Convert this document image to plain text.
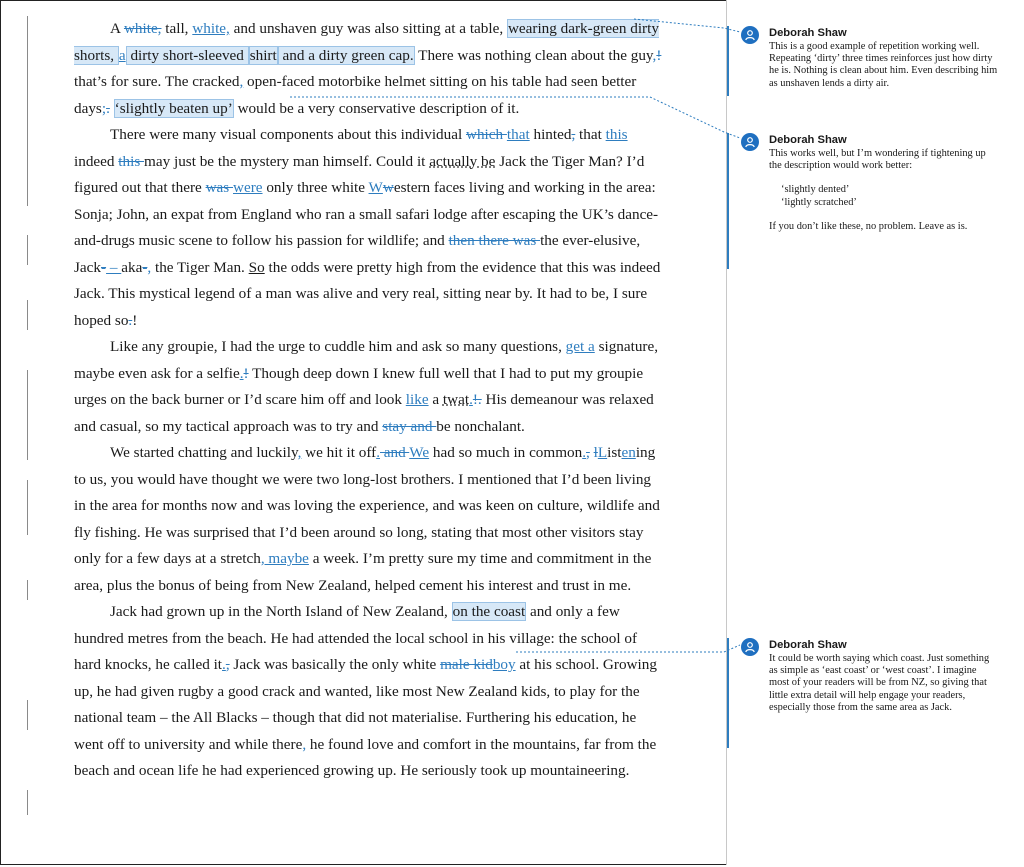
A white, tall, white, and unshaven guy was also sitting at a table, wearing dark-green dirty shorts, a dirty short-sleeved shirt and a dirty green cap. There was nothing clean about the guy,! that’s for sure. The cracked, open-faced motorbike helmet sitting on his table had seen better days;. ‘slightly beaten up’ would be a very conservative description of it.

There were many visual components about this individual which that hinted, that this indeed this may just be the mystery man himself. Could it actually be Jack the Tiger Man? I’d figured out that there was were only three white Wwestern faces living and working in the area: Sonja; John, an expat from England who ran a small safari lodge after escaping the UK’s dance-and-drugs music scene to follow his passion for wildlife; and then there was the ever-elusive, Jack- – aka-, the Tiger Man. So the odds were pretty high from the evidence that this was indeed Jack. This mystical legend of a man was alive and very real, sitting near by. It had to be, I sure hoped so.!

Like any groupie, I had the urge to cuddle him and ask so many questions, get a signature, maybe even ask for a selfie.! Though deep down I knew full well that I had to put my groupie urges on the back burner or I’d scare him off and look like a twat.!. His demeanour was relaxed and casual, so my tactical approach was to try and stay and be nonchalant.

We started chatting and luckily, we hit it off. and We had so much in common., lListening to us, you would have thought we were two long-lost brothers. I mentioned that I’d been living in the area for months now and was loving the experience, and was keen on culture, wildlife and fly fishing. He was surprised that I’d been around so long, stating that most other visitors stay only for a few days at a stretch, maybe a week. I’m pretty sure my time and commitment in the area, plus the bonus of being from New Zealand, helped cement his interest and trust in me.

Jack had grown up in the North Island of New Zealand, on the coast and only a few hundred metres from the beach. He had attended the local school in his village: the school of hard knocks, he called it., Jack was basically the only white male kidboy at his school. Growing up, he had given rugby a good crack and wanted, like most New Zealand kids, to play for the national team – the All Blacks – though that did not materialise. Furthering his education, he went off to university and while there, he found love and comfort in the mountains, far from the beach and ocean life he had experienced growing up. He seriously took up mountaineering.

Deborah Shaw
This is a good example of repetition working well.
Repeating ‘dirty’ three times reinforces just how dirty
he is. Nothing is clean about him. Even describing him
as unshaven lends a dirty air.
Deborah Shaw
This works well, but I’m wondering if tightening up
the description would work better:
‘slightly dented’
‘lightly scratched’
If you don’t like these, no problem. Leave as is.
Deborah Shaw
It could be worth saying which coast. Just something
as simple as ‘east coast’ or ‘west coast’. I imagine
most of your readers will be from NZ, so giving that
little extra detail will help engage your readers,
especially those from the same area as Jack.
